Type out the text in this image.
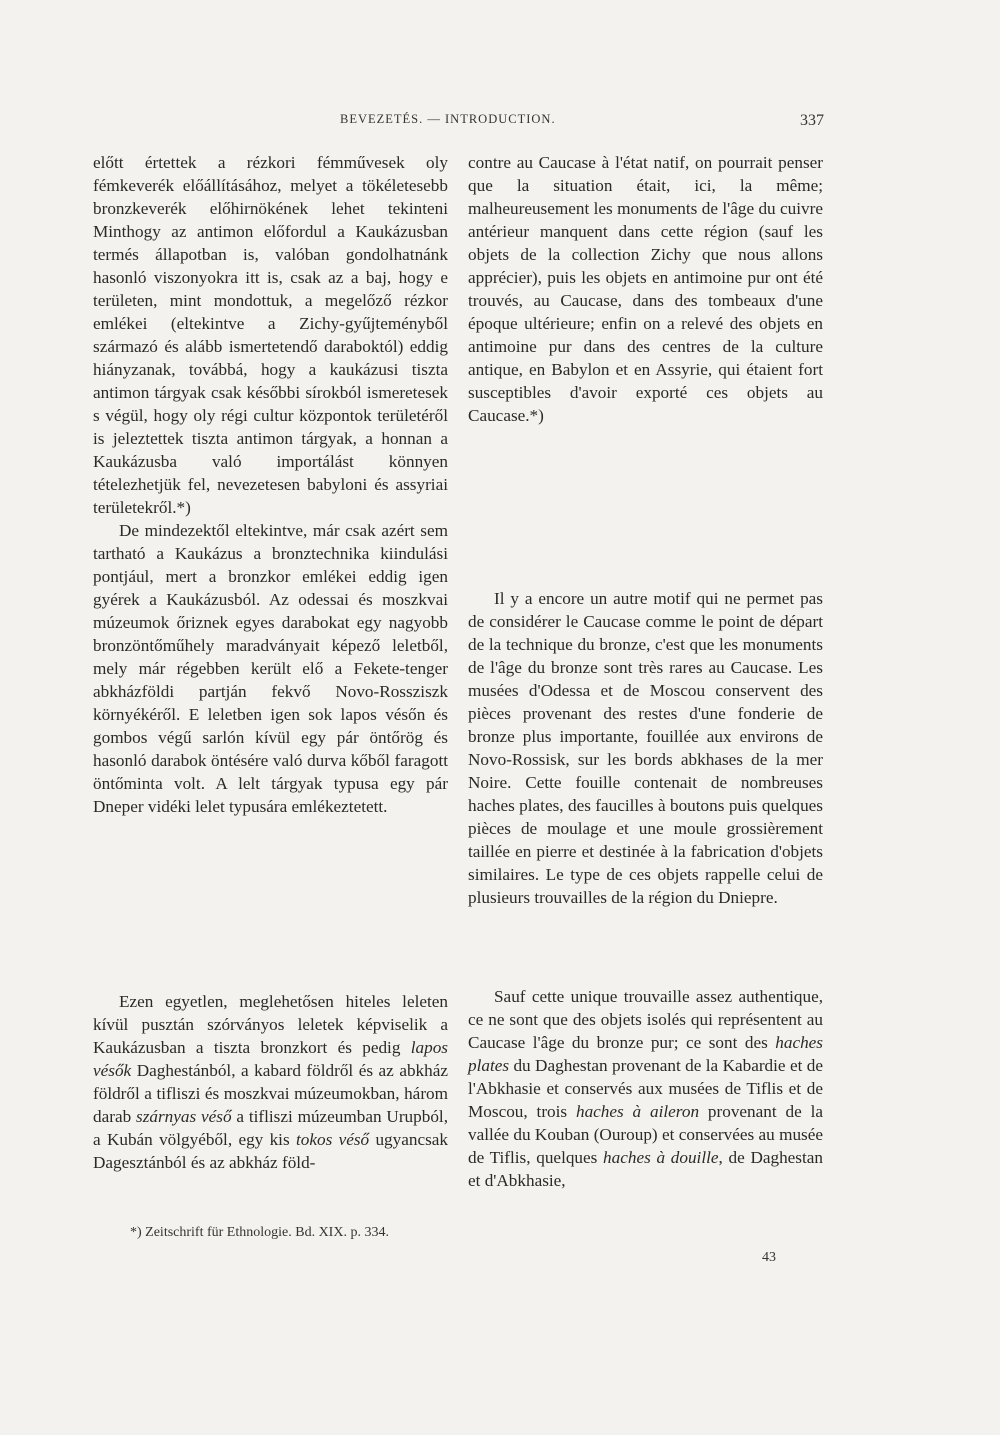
BEVEZETÉS. — INTRODUCTION.	337

előtt értettek a rézkori fémművesek oly fémkeverék előállításához, melyet a tökéletesebb bronzkeverék előhirnökének lehet tekinteni Minthogy az antimon előfordul a Kaukázusban termés állapotban is, valóban gondolhatnánk hasonló viszonyokra itt is, csak az a baj, hogy e területen, mint mondottuk, a megelőző rézkor emlékei (eltekintve a Zichy-gyűjteményből származó és alább ismertetendő daraboktól) eddig hiányzanak, továbbá, hogy a kaukázusi tiszta antimon tárgyak csak későbbi sírokból ismeretesek s végül, hogy oly régi cultur központok területéről is jeleztettek tiszta antimon tárgyak, a honnan a Kaukázusba való importálást könnyen tételezhetjük fel, nevezetesen babyloni és assyriai területekről.*)

De mindezektől eltekintve, már csak azért sem tartható a Kaukázus a bronztechnika kiindulási pontjául, mert a bronzkor emlékei eddig igen gyérek a Kaukázusból. Az odessai és moszkvai múzeumok őriznek egyes darabokat egy nagyobb bronzöntőműhely maradványait képező leletből, mely már régebben került elő a Fekete-tenger abkházföldi partján fekvő Novo-Rossziszk környékéről. E leletben igen sok lapos vésőn és gombos végű sarlón kívül egy pár öntőrög és hasonló darabok öntésére való durva kőből faragott öntőminta volt. A lelt tárgyak typusa egy pár Dneper vidéki lelet typusára emlékeztetett.

Ezen egyetlen, meglehetősen hiteles leleten kívül pusztán szórványos leletek képviselik a Kaukázusban a tiszta bronzkort és pedig lapos vésők Daghestánból, a kabard földről és az abkház földről a tifliszi és moszkvai múzeumokban, három darab szárnyas véső a tifliszi múzeumban Urupból, a Kubán völgyéből, egy kis tokos véső ugyancsak Dagesztánból és az abkház föld-

contre au Caucase à l'état natif, on pourrait penser que la situation était, ici, la même; malheureusement les monuments de l'âge du cuivre antérieur manquent dans cette région (sauf les objets de la collection Zichy que nous allons apprécier), puis les objets en antimoine pur ont été trouvés, au Caucase, dans des tombeaux d'une époque ultérieure; enfin on a relevé des objets en antimoine pur dans des centres de la culture antique, en Babylon et en Assyrie, qui étaient fort susceptibles d'avoir exporté ces objets au Caucase.*)

Il y a encore un autre motif qui ne permet pas de considérer le Caucase comme le point de départ de la technique du bronze, c'est que les monuments de l'âge du bronze sont très rares au Caucase. Les musées d'Odessa et de Moscou conservent des pièces provenant des restes d'une fonderie de bronze plus importante, fouillée aux environs de Novo-Rossisk, sur les bords abkhases de la mer Noire. Cette fouille contenait de nombreuses haches plates, des faucilles à boutons puis quelques pièces de moulage et une moule grossièrement taillée en pierre et destinée à la fabrication d'objets similaires. Le type de ces objets rappelle celui de plusieurs trouvailles de la région du Dniepre.

Sauf cette unique trouvaille assez authentique, ce ne sont que des objets isolés qui représentent au Caucase l'âge du bronze pur; ce sont des haches plates du Daghestan provenant de la Kabardie et de l'Abkhasie et conservés aux musées de Tiflis et de Moscou, trois haches à aileron provenant de la vallée du Kouban (Ouroup) et conservées au musée de Tiflis, quelques haches à douille, de Daghestan et d'Abkhasie,

*) Zeitschrift für Ethnologie. Bd. XIX. p. 334.
43
